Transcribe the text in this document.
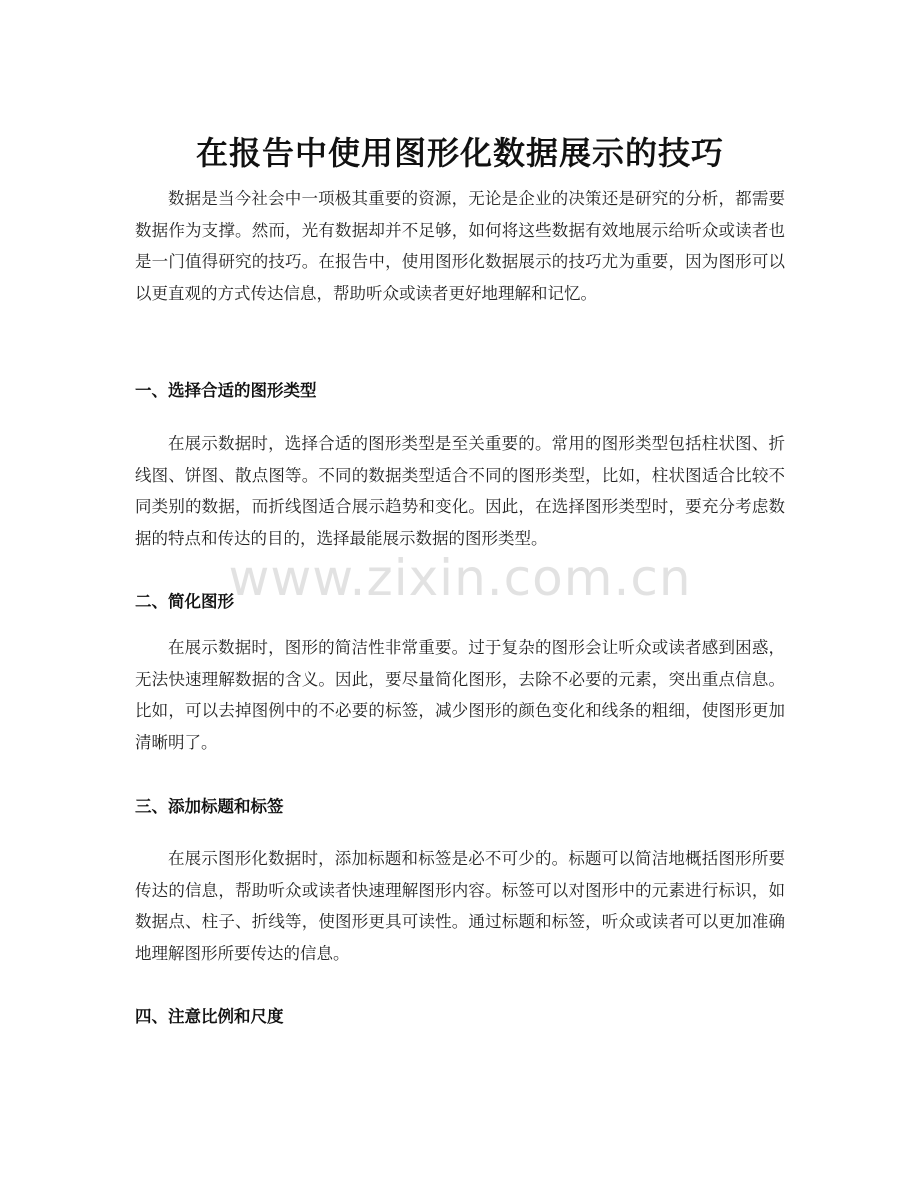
在报告中使用图形化数据展示的技巧

数据是当今社会中一项极其重要的资源，无论是企业的决策还是研究的分析，都需要数据作为支撑。然而，光有数据却并不足够，如何将这些数据有效地展示给听众或读者也是一门值得研究的技巧。在报告中，使用图形化数据展示的技巧尤为重要，因为图形可以以更直观的方式传达信息，帮助听众或读者更好地理解和记忆。

一、选择合适的图形类型

在展示数据时，选择合适的图形类型是至关重要的。常用的图形类型包括柱状图、折线图、饼图、散点图等。不同的数据类型适合不同的图形类型，比如，柱状图适合比较不同类别的数据，而折线图适合展示趋势和变化。因此，在选择图形类型时，要充分考虑数据的特点和传达的目的，选择最能展示数据的图形类型。

二、简化图形

在展示数据时，图形的简洁性非常重要。过于复杂的图形会让听众或读者感到困惑，无法快速理解数据的含义。因此，要尽量简化图形，去除不必要的元素，突出重点信息。比如，可以去掉图例中的不必要的标签，减少图形的颜色变化和线条的粗细，使图形更加清晰明了。

三、添加标题和标签

在展示图形化数据时，添加标题和标签是必不可少的。标题可以简洁地概括图形所要传达的信息，帮助听众或读者快速理解图形内容。标签可以对图形中的元素进行标识，如数据点、柱子、折线等，使图形更具可读性。通过标题和标签，听众或读者可以更加准确地理解图形所要传达的信息。

四、注意比例和尺度
www.zixin.com.cn
